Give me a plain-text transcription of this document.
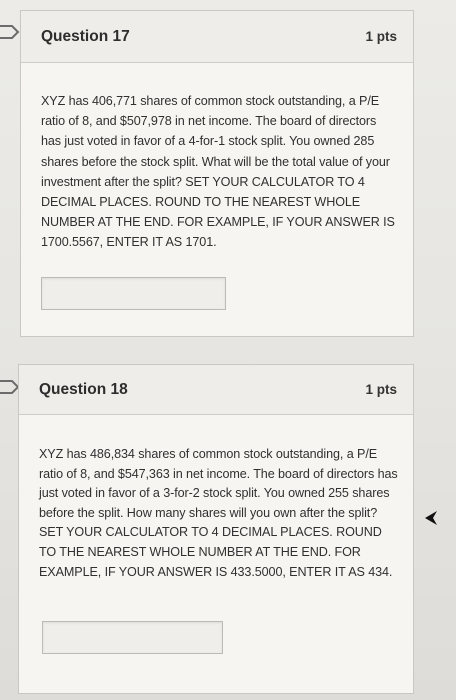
Question 17	1 pts
XYZ has 406,771 shares of common stock outstanding, a P/E ratio of 8, and $507,978 in net income. The board of directors has just voted in favor of a 4-for-1 stock split. You owned 285 shares before the stock split. What will be the total value of your investment after the split? SET YOUR CALCULATOR TO 4 DECIMAL PLACES. ROUND TO THE NEAREST WHOLE NUMBER AT THE END. FOR EXAMPLE, IF YOUR ANSWER IS 1700.5567, ENTER IT AS 1701.
Question 18	1 pts
XYZ has 486,834 shares of common stock outstanding, a P/E ratio of 8, and $547,363 in net income. The board of directors has just voted in favor of a 3-for-2 stock split. You owned 255 shares before the split. How many shares will you own after the split? SET YOUR CALCULATOR TO 4 DECIMAL PLACES. ROUND TO THE NEAREST WHOLE NUMBER AT THE END. FOR EXAMPLE, IF YOUR ANSWER IS 433.5000, ENTER IT AS 434.
